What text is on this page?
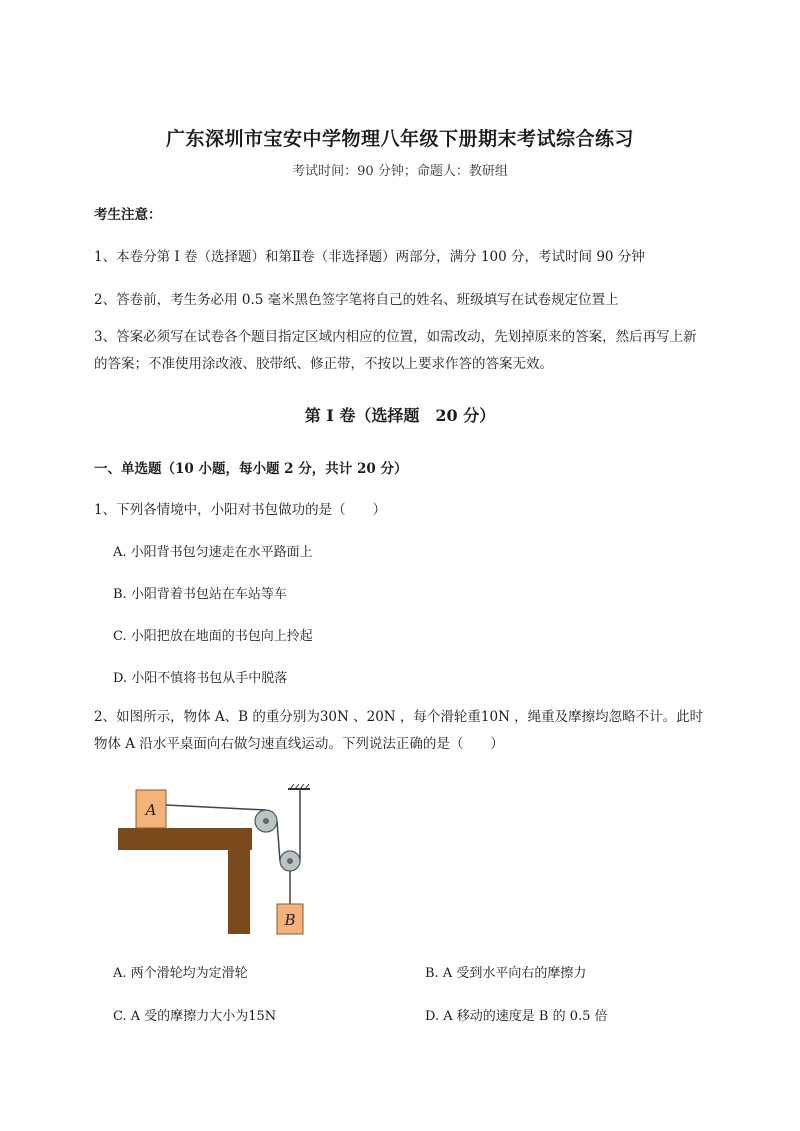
广东深圳市宝安中学物理八年级下册期末考试综合练习
考试时间：90 分钟；命题人：教研组
考生注意：
1、本卷分第 I 卷（选择题）和第Ⅱ卷（非选择题）两部分，满分 100 分，考试时间 90 分钟
2、答卷前，考生务必用 0.5 毫米黑色签字笔将自己的姓名、班级填写在试卷规定位置上
3、答案必须写在试卷各个题目指定区域内相应的位置，如需改动，先划掉原来的答案，然后再写上新的答案；不准使用涂改液、胶带纸、修正带，不按以上要求作答的答案无效。
第 I 卷（选择题　20 分）
一、单选题（10 小题，每小题 2 分，共计 20 分）
1、下列各情境中，小阳对书包做功的是（　　）
A. 小阳背书包匀速走在水平路面上
B. 小阳背着书包站在车站等车
C. 小阳把放在地面的书包向上拎起
D. 小阳不慎将书包从手中脱落
2、如图所示，物体 A、B 的重分别为30N 、20N ，每个滑轮重10N ，绳重及摩擦均忽略不计。此时物体 A 沿水平桌面向右做匀速直线运动。下列说法正确的是（　　）
A
B
A. 两个滑轮均为定滑轮	B. A 受到水平向右的摩擦力
C. A 受的摩擦力大小为15N	D. A 移动的速度是 B 的 0.5 倍
